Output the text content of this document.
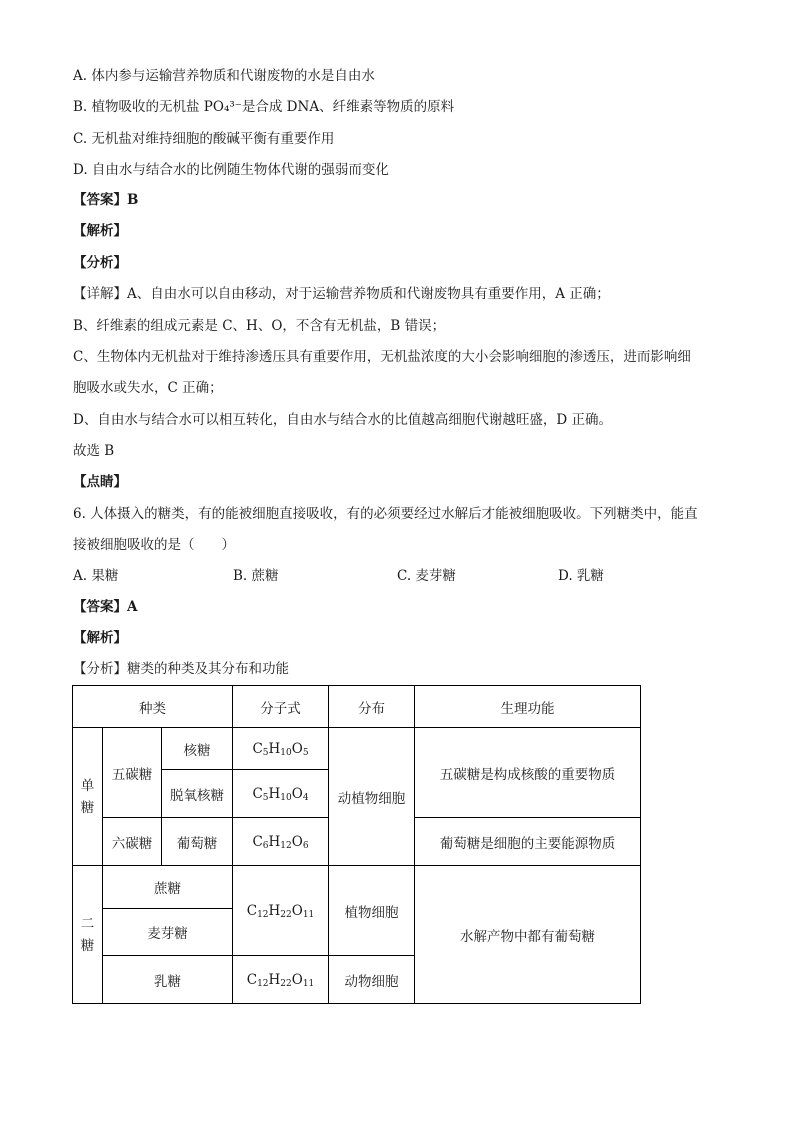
A. 体内参与运输营养物质和代谢废物的水是自由水
B. 植物吸收的无机盐 PO₄³⁻是合成 DNA、纤维素等物质的原料
C. 无机盐对维持细胞的酸碱平衡有重要作用
D. 自由水与结合水的比例随生物体代谢的强弱而变化
【答案】B
【解析】
【分析】
【详解】A、自由水可以自由移动，对于运输营养物质和代谢废物具有重要作用，A 正确；
B、纤维素的组成元素是 C、H、O，不含有无机盐，B 错误；
C、生物体内无机盐对于维持渗透压具有重要作用，无机盐浓度的大小会影响细胞的渗透压，进而影响细
胞吸水或失水，C 正确；
D、自由水与结合水可以相互转化，自由水与结合水的比值越高细胞代谢越旺盛，D 正确。
故选 B
【点睛】
6. 人体摄入的糖类，有的能被细胞直接吸收，有的必须要经过水解后才能被细胞吸收。下列糖类中，能直
接被细胞吸收的是（　　）
A. 果糖	B. 蔗糖	C. 麦芽糖	D. 乳糖
【答案】A
【解析】
【分析】糖类的种类及其分布和功能
种类			分子式	分布	生理功能
单糖	五碳糖	核糖	$C_5H_{10}O_5$	动植物细胞	五碳糖是构成核酸的重要物质
		脱氧核糖	$C_5H_{10}O_4$
	六碳糖	葡萄糖	$C_6H_{12}O_6$		葡萄糖是细胞的主要能源物质
二糖	蔗糖		$C_{12}H_{22}O_{11}$	植物细胞	水解产物中都有葡萄糖
	麦芽糖				
	乳糖		$C_{12}H_{22}O_{11}$	动物细胞	
